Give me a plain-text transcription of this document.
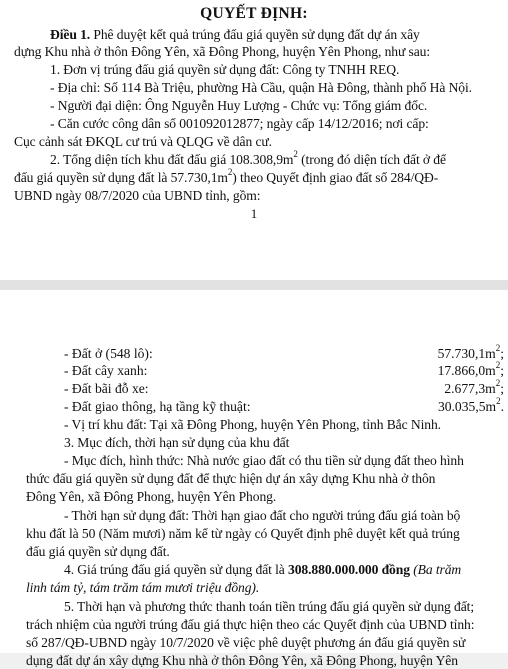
QUYẾT ĐỊNH:
Điều 1. Phê duyệt kết quả trúng đấu giá quyền sử dụng đất dự án xây
dựng Khu nhà ở thôn Đông Yên, xã Đông Phong, huyện Yên Phong, như sau:
1. Đơn vị trúng đấu giá quyền sử dụng đất: Công ty TNHH REQ.
- Địa chỉ: Số 114 Bà Triệu, phường Hà Cầu, quận Hà Đông, thành phố Hà Nội.
- Người đại diện: Ông Nguyễn Huy Lượng - Chức vụ: Tổng giám đốc.
- Căn cước công dân số 001092012877; ngày cấp 14/12/2016; nơi cấp:
Cục cảnh sát ĐKQL cư trú và QLQG về dân cư.
2. Tổng diện tích khu đất đấu giá $108.308,9m^2$ (trong đó diện tích đất ở để
đấu giá quyền sử dụng đất là $57.730,1m^2$) theo Quyết định giao đất số 284/QĐ-
UBND ngày 08/7/2020 của UBND tỉnh, gồm:
1
- Đất ở (548 lô):	$57.730,1m^2$;
- Đất cây xanh:	$17.866,0m^2$;
- Đất bãi đỗ xe:	$2.677,3m^2$;
- Đất giao thông, hạ tầng kỹ thuật:	$30.035,5m^2$.
- Vị trí khu đất: Tại xã Đông Phong, huyện Yên Phong, tỉnh Bắc Ninh.
3. Mục đích, thời hạn sử dụng của khu đất
- Mục đích, hình thức: Nhà nước giao đất có thu tiền sử dụng đất theo hình
thức đấu giá quyền sử dụng đất để thực hiện dự án xây dựng Khu nhà ở thôn
Đông Yên, xã Đông Phong, huyện Yên Phong.
- Thời hạn sử dụng đất: Thời hạn giao đất cho người trúng đấu giá toàn bộ
khu đất là 50 (Năm mươi) năm kể từ ngày có Quyết định phê duyệt kết quả trúng
đấu giá quyền sử dụng đất.
4. Giá trúng đấu giá quyền sử dụng đất là 308.880.000.000 đồng (Ba trăm
linh tám tỷ, tám trăm tám mươi triệu đồng).
5. Thời hạn và phương thức thanh toán tiền trúng đấu giá quyền sử dụng đất;
trách nhiệm của người trúng đấu giá thực hiện theo các Quyết định của UBND tỉnh:
số 287/QĐ-UBND ngày 10/7/2020 về việc phê duyệt phương án đấu giá quyền sử
dụng đất dự án xây dựng Khu nhà ở thôn Đông Yên, xã Đông Phong, huyện Yên
